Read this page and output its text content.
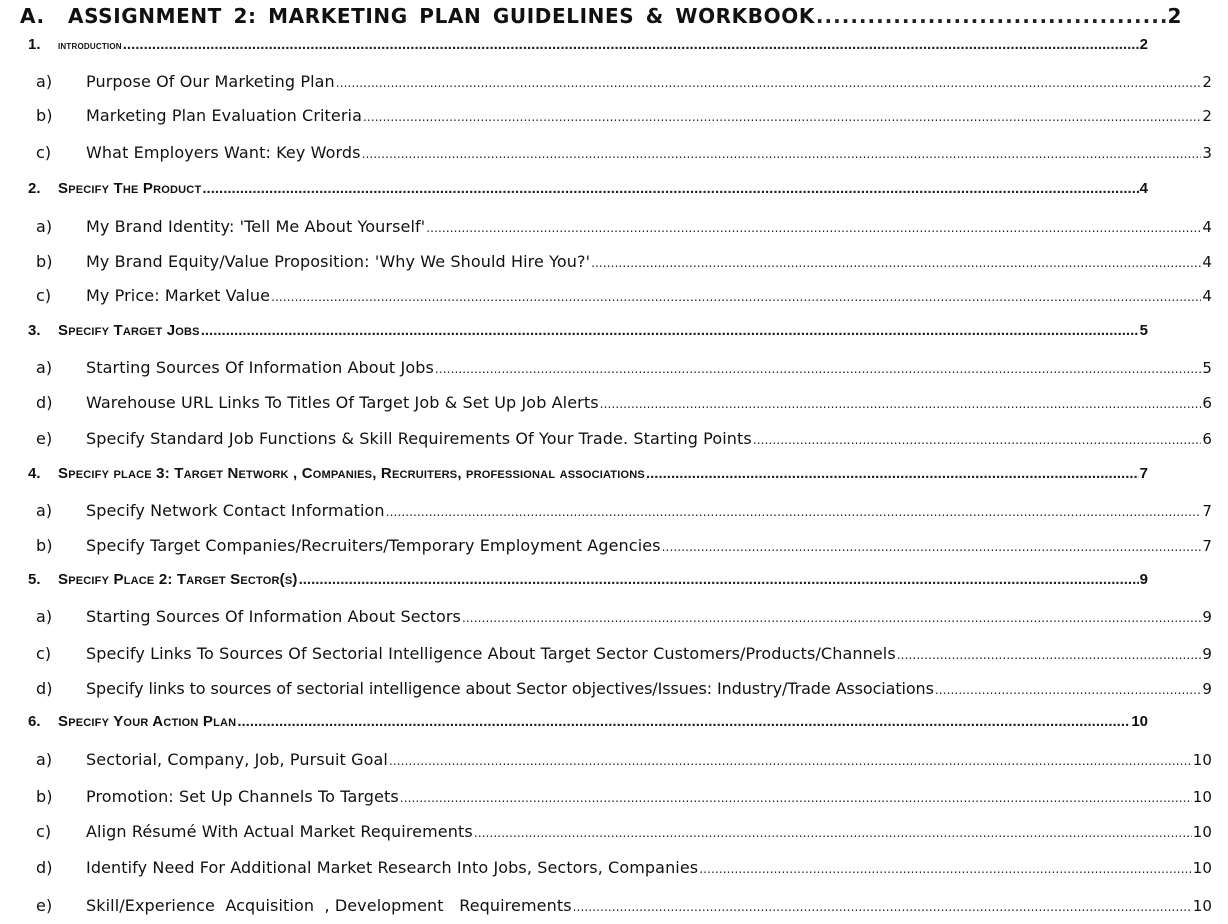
A.	ASSIGNMENT 2: MARKETING PLAN GUIDELINES & WORKBOOK .....	2
1.	introduction .....	2
a)	Purpose Of Our Marketing Plan .....	2
b)	Marketing Plan Evaluation Criteria .....	2
c)	What Employers Want: Key Words .....	3
2.	Specify The Product .....	4
a)	My Brand Identity: 'Tell Me About Yourself' .....	4
b)	My Brand Equity/Value Proposition: 'Why We Should Hire You?' .....	4
c)	My Price: Market Value .....	4
3.	Specify Target Jobs .....	5
a)	Starting Sources Of Information About Jobs .....	5
d)	Warehouse URL Links To Titles Of Target Job & Set Up Job Alerts .....	6
e)	Specify Standard Job Functions & Skill Requirements Of Your Trade. Starting Points .....	6
4.	Specify place 3: Target Network , Companies, Recruiters, professional associations .....	7
a)	Specify Network Contact Information .....	7
b)	Specify Target Companies/Recruiters/Temporary Employment Agencies .....	7
5.	Specify Place 2: Target Sector(s) .....	9
a)	Starting Sources Of Information About Sectors .....	9
c)	Specify Links To Sources Of Sectorial Intelligence About Target Sector Customers/Products/Channels .....	9
d)	Specify links to sources of sectorial intelligence about Sector objectives/Issues: Industry/Trade Associations .....	9
6.	Specify Your Action Plan .....	10
a)	Sectorial, Company, Job, Pursuit Goal .....	10
b)	Promotion: Set Up Channels To Targets .....	10
c)	Align Résumé With Actual Market Requirements .....	10
d)	Identify Need For Additional Market Research Into Jobs, Sectors, Companies .....	10
e)	Skill/Experience  Acquisition  , Development   Requirements .....	10
